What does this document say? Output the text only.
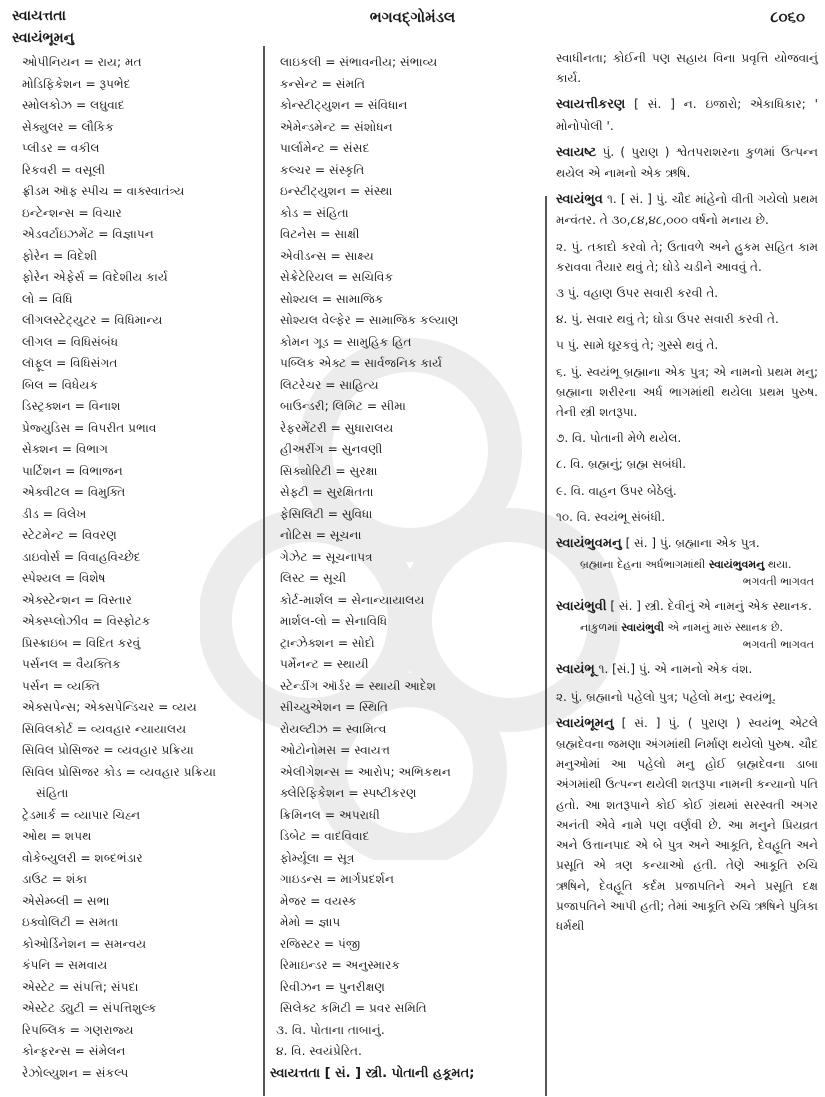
સ્વાયત્તતા	ભગવદ્ગોમંડલ	૮૦૬૦
સ્વાયંભૂમનુ
ઓપીનિયન = રાય; મત
મોડિફિકેશન = રૂપભેદ
સ્મોલકોઝ = લઘુવાદ
સેક્યુલર = લૌકિક
પ્લીડર = વકીલ
રિકવરી = વસૂલી
ફ્રીડમ ઑફ સ્પીચ = વાક્સ્વાતંત્ર્ય
ઇન્ટેન્શન્સ = વિચાર
એડવર્ટાઇઝમેંટ = વિજ્ઞાપન
ફોરેન = વિદેશી
ફોરેન એફેર્સ = વિદેશીય કાર્ય
લો = વિધિ
લીગલસ્ટેટ્યુટર = વિધિમાન્ય
લીગલ = વિધિસંબંધ
લૉફૂલ = વિધિસંગત
બિલ = વિધેયક
ડિસ્ટ્રક્શન = વિનાશ
પ્રેજ્યુડિસ = વિપરીત પ્રભાવ
સેક્શન = વિભાગ
પાર્ટિશન = વિભાજન
એક્વીટલ = વિમુક્તિ
ડીડ = વિલેખ
સ્ટેટમેન્ટ = વિવરણ
ડાઇવોર્સ = વિવાહવિચ્છેદ
સ્પેશ્યલ = વિશેષ
એક્સ્ટેન્શન = વિસ્તાર
એક્સ્પ્લોઝીવ = વિસ્ફોટક
પ્રિસ્ક્રાઇબ = વિદિત કરવું
પર્સનલ = વૈયક્તિક
પર્સન = વ્યક્તિ
એક્સપેન્સ; એક્સપેન્ડિચર = વ્યય
સિવિલકોર્ટ = વ્યવહાર ન્યાયાલય
સિવિલ પ્રોસિજર = વ્યવહાર પ્રક્રિયા
સિવિલ પ્રોસિજર કોડ = વ્યવહાર પ્રક્રિયા
સંહિતા
ટ્રેડમાર્ક = વ્યાપાર ચિહ્ન
ઓથ = શપથ
વોકેબ્યુલરી = શબ્દભંડાર
ડાઉટ = શંકા
એસેમ્બ્લી = સભા
ઇક્વોલિટી = સમતા
કોઓર્ડિનેશન = સમન્વય
કંપનિ = સમવાય
એસ્ટેટ = સંપત્તિ; સંપદા
એસ્ટેટ ડ્યુટી = સંપત્તિશુલ્ક
રિપબ્લિક = ગણરાજ્ય
કોન્ફરન્સ = સંમેલન
રેઝોલ્યુશન = સંકલ્પ
લાઇકલી = સંભાવનીય; સંભાવ્ય
કન્સેન્ટ = સંમતિ
કોન્સ્ટીટ્યુશન = સંવિધાન
એમેન્ડમેન્ટ = સંશોધન
પાર્લામેન્ટ = સંસદ
કલ્ચર = સંસ્કૃતિ
ઇન્સ્ટીટ્યુશન = સંસ્થા
કોડ = સંહિતા
વિટનેસ = સાક્ષી
એવીડન્સ = સાક્ષ્ય
સેક્રેટેરિયલ = સચિવિક
સોશ્યલ = સામાજિક
સોશ્યલ વેલ્ફેર = સામાજિક કલ્યાણ
કોમન ગૂડ = સામુહિક હિત
પબ્લિક એક્ટ = સાર્વજનિક કાર્ય
લિટરેચર = સાહિત્ય
બાઉન્ડરી; લિમિટ = સીમા
રેફરમેંટરી = સુધારાલય
હીઅરીંગ = સુનવણી
સિક્યોરિટી = સુરક્ષા
સેફ્ટી = સુરક્ષિતતા
ફેસિલિટી = સુવિધા
નોટિસ = સૂચના
ગેઝેટ = સૂચનાપત્ર
લિસ્ટ = સૂચી
કોર્ટ-માર્શલ = સેનાન્યાયાલય
માર્શલ-લો = સેનાવિધિ
ટ્રાન્ઝેક્શન = સોદો
પર્મેનન્ટ = સ્થાયી
સ્ટેન્ડીંગ ઑર્ડર = સ્થાયી આદેશ
સીચ્યુએશન = સ્થિતિ
રોયલ્ટીઝ = સ્વામિત્વ
ઓટોનોમસ = સ્વાયત્ત
એલીગેશન્સ = આરોપ; અભિકથન
ક્લેરિફિકેશન = સ્પષ્ટીકરણ
ક્રિમિનલ = અપરાધી
ડિબેટ = વાદવિવાદ
ફોર્મ્યૂલા = સૂત્ર
ગાઇડન્સ = માર્ગપ્રદર્શન
મેજર = વયસ્ક
મેમો = જ્ઞાપ
રજિસ્ટર = પંજી
રિમાઇન્ડર = અનુસ્મારક
રિવીઝન = પુનરીક્ષણ
સિલેક્ટ કમિટી = પ્રવર સમિતિ
૩. વિ. પોતાના તાબાનું.
૪. વિ. સ્વયંપ્રેરિત.
સ્વાયત્તતા [ સં. ] સ્ત્રી. પોતાની હકૂમત;
સ્વાધીનતા; કોઈની પણ સહાય વિના પ્રવૃત્તિ યોજવાનું કાર્ય.
સ્વાયત્તીકરણ [ સં. ] ન. ઇજારો; એકાધિકાર; ' મોનોપોલી '.
સ્વાયષ્ટ પું. ( પુરાણ ) શ્વેતપરાશરના કુળમાં ઉત્પન્ન થયેલ એ નામનો એક ઋષિ.
સ્વાયંભુવ ૧. [ સં. ] પું. ચૌદ માંહેનો વીતી ગયેલો પ્રથમ મન્વંતર. તે ૩૦,૮૪,૪૮,૦૦૦ વર્ષનો મનાય છે.
૨. પું. તકાદો કરવો તે; ઉતાવળે અને હુકમ સહિત કામ કરાવવા તૈયાર થવું તે; ઘોડે ચડીને આવવું તે.
૩ પું. વહાણ ઉપર સવારી કરવી તે.
૪. પું. સવાર થવું તે; ઘોડા ઉપર સવારી કરવી તે.
૫ પું. સામે ઘૂરકવું તે; ગુસ્સે થવું તે.
૬. પું. સ્વયંભૂ બ્રહ્માના એક પુત્ર; એ નામનો પ્રથમ મનુ; બ્રહ્માના શરીરના અર્ધ ભાગમાંથી થયેલા પ્રથમ પુરુષ. તેની સ્ત્રી શતરૂપા.
૭. વિ. પોતાની મેળે થયેલ.
૮. વિ. બ્રહ્મનું; બ્રહ્મ સબંધી.
૯. વિ. વાહન ઉપર બેઠેલું.
૧૦. વિ. સ્વયંભૂ સંબંધી.
સ્વાયંભુવમનુ [ સં. ] પું. બ્રહ્માના એક પુત્ર.
બ્રહ્માના દેહના અર્ધભાગમાંથી સ્વાયંભુવમનુ થયા.
ભગવતી ભાગવત
સ્વાયંભુવી [ સં. ] સ્ત્રી. દેવીનું એ નામનું એક સ્થાનક.
નાકુળમાં સ્વાયંભુવી એ નામનું મારું સ્થાનક છે.
ભગવતી ભાગવત
સ્વાયંભૂ ૧. [સં.] પું. એ નામનો એક વંશ.
૨. પું. બ્રહ્માનો પહેલો પુત્ર; પહેલો મનુ; સ્વયંભૂ.
સ્વાયંભૂમનુ [ સં. ] પું. ( પુરાણ ) સ્વયંભૂ એટલે બ્રહ્મદેવના જમણા અંગમાંથી નિર્માણ થયેલો પુરુષ. ચૌદ મનુઓમાં આ પહેલો મનુ હોઈ બ્રહ્મદેવના ડાબા અંગમાંથી ઉત્પન્ન થયેલી શતરૂપા નામની કન્યાનો પતિ હતો. આ શતરૂપાને કોઈ કોઈ ગ્રંથમાં સરસ્વતી અગર અનંતી એવે નામે પણ વર્ણવી છે. આ મનુને પ્રિયવ્રત અને ઉત્તાનપાદ એ બે પુત્ર અને આકૂતિ, દેવહૂતિ અને પ્રસૂતિ એ ત્રણ કન્યાઓ હતી. તેણે આકૂતિ રુચિ ઋષિને, દેવહૂતિ કર્દમ પ્રજાપતિને અને પ્રસૂતિ દક્ષ પ્રજાપતિને આપી હતી; તેમાં આકૂતિ રુચિ ઋષિને પુત્રિકા ધર્મથી
